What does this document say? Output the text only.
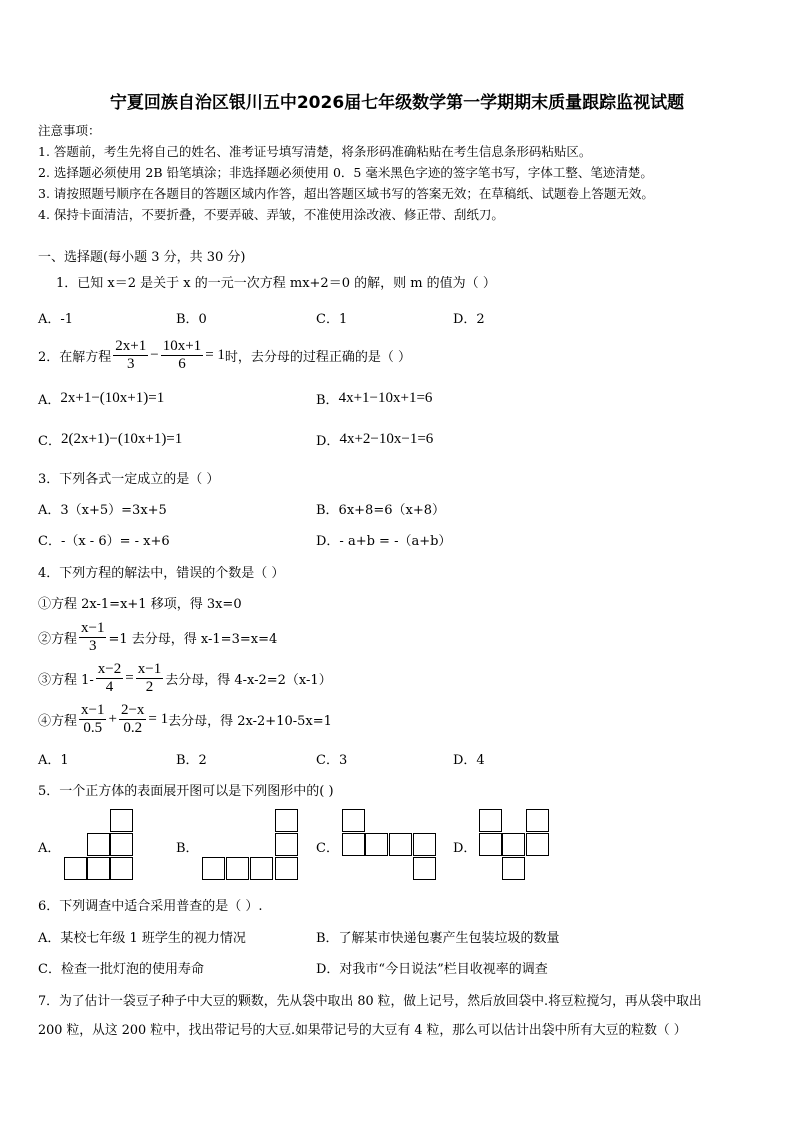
宁夏回族自治区银川五中2026届七年级数学第一学期期末质量跟踪监视试题
注意事项：
1. 答题前，考生先将自己的姓名、准考证号填写清楚，将条形码准确粘贴在考生信息条形码粘贴区。
2. 选择题必须使用 2B 铅笔填涂；非选择题必须使用 0．5 毫米黑色字迹的签字笔书写，字体工整、笔迹清楚。
3. 请按照题号顺序在各题目的答题区域内作答，超出答题区域书写的答案无效；在草稿纸、试题卷上答题无效。
4. 保持卡面清洁，不要折叠，不要弄破、弄皱，不准使用涂改液、修正带、刮纸刀。
一、选择题(每小题 3 分，共 30 分)
1．已知 x＝2 是关于 x 的一元一次方程 mx+2＝0 的解，则 m 的值为（ ）
A．-1	B．0	C．1	D．2
2．在解方程 $\frac{2x+1}{3} - \frac{10x+1}{6} = 1$ 时，去分母的过程正确的是（ ）
A． 2x+1−(10x+1)=1	B． 4x+1−10x+1=6
C． 2(2x+1)−(10x+1)=1	D． 4x+2−10x−1=6
3．下列各式一定成立的是（ ）
A．3（x+5）=3x+5	B．6x+8=6（x+8）
C．-（x - 6）= - x+6	D．- a+b = -（a+b）
4．下列方程的解法中，错误的个数是（ ）
①方程 2x-1=x+1 移项，得 3x=0
②方程 $\frac{x-1}{3} =1$ 去分母，得 x-1=3=x=4
③方程 $1- \frac{x-2}{4} = \frac{x-1}{2}$ 去分母，得 4-x-2=2（x-1）
④方程 $\frac{x-1}{0.5} + \frac{2-x}{0.2} = 1$ 去分母，得 2x-2+10-5x=1
A．1	B．2	C．3	D．4
5．一个正方体的表面展开图可以是下列图形中的( )
A．	B．	C．	D．
6．下列调查中适合采用普查的是（ ）.
A．某校七年级 1 班学生的视力情况	B．了解某市快递包裹产生包装垃圾的数量
C．检查一批灯泡的使用寿命	D．对我市“今日说法”栏目收视率的调查
7．为了估计一袋豆子种子中大豆的颗数，先从袋中取出 80 粒，做上记号，然后放回袋中.将豆粒搅匀，再从袋中取出
200 粒，从这 200 粒中，找出带记号的大豆.如果带记号的大豆有 4 粒，那么可以估计出袋中所有大豆的粒数（ ）
